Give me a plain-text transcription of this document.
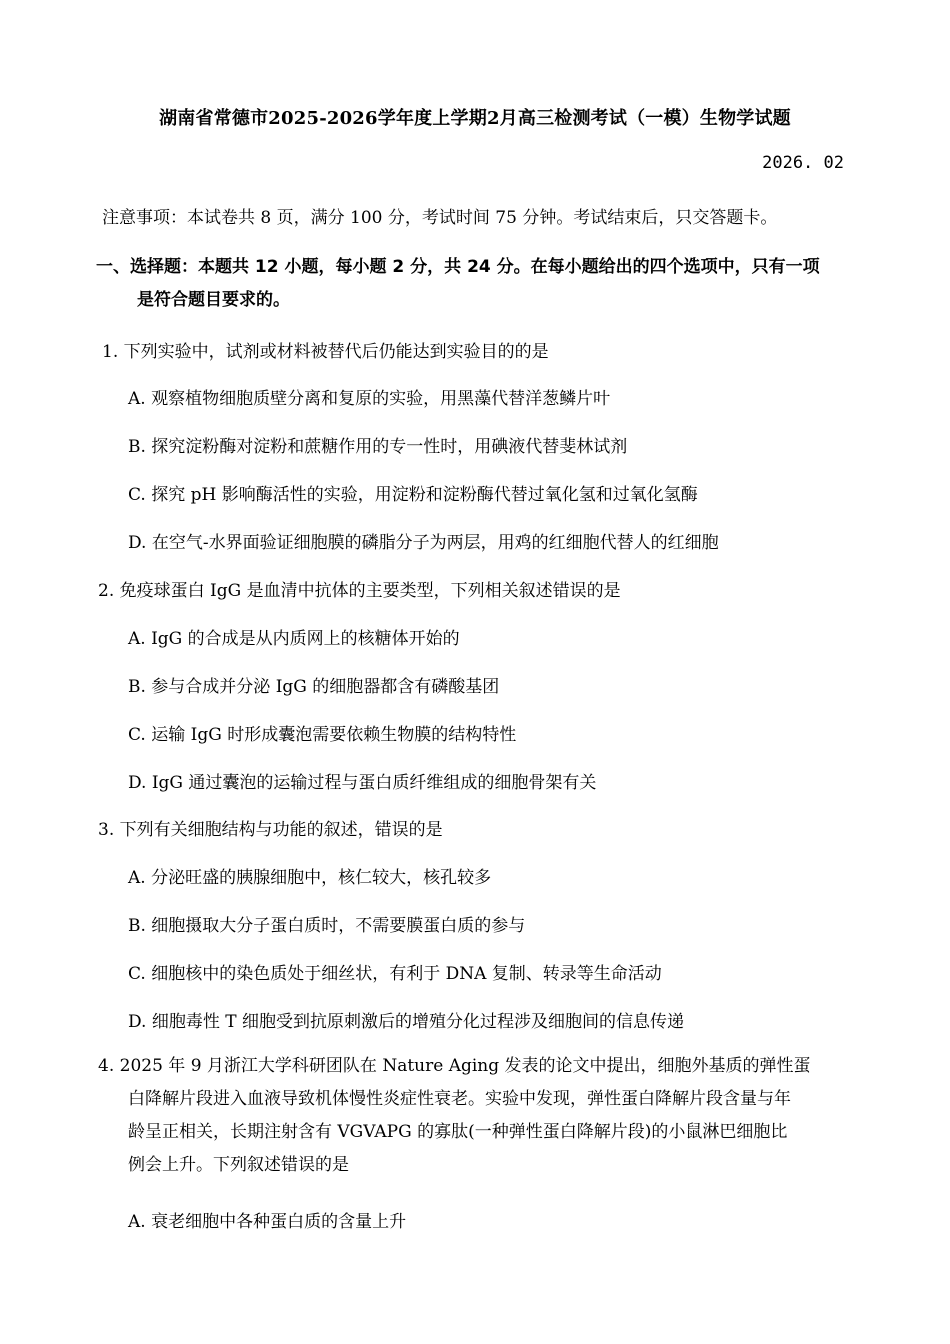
湖南省常德市2025-2026学年度上学期2月高三检测考试（一模）生物学试题
2026. 02
注意事项：本试卷共 8 页，满分 100 分，考试时间 75 分钟。考试结束后，只交答题卡。
一、选择题：本题共 12 小题，每小题 2 分，共 24 分。在每小题给出的四个选项中，只有一项
是符合题目要求的。
1. 下列实验中，试剂或材料被替代后仍能达到实验目的的是
A. 观察植物细胞质壁分离和复原的实验，用黑藻代替洋葱鳞片叶
B. 探究淀粉酶对淀粉和蔗糖作用的专一性时，用碘液代替斐林试剂
C. 探究 pH 影响酶活性的实验，用淀粉和淀粉酶代替过氧化氢和过氧化氢酶
D. 在空气-水界面验证细胞膜的磷脂分子为两层，用鸡的红细胞代替人的红细胞
2. 免疫球蛋白 IgG 是血清中抗体的主要类型，下列相关叙述错误的是
A. IgG 的合成是从内质网上的核糖体开始的
B. 参与合成并分泌 IgG 的细胞器都含有磷酸基团
C. 运输 IgG 时形成囊泡需要依赖生物膜的结构特性
D. IgG 通过囊泡的运输过程与蛋白质纤维组成的细胞骨架有关
3. 下列有关细胞结构与功能的叙述，错误的是
A. 分泌旺盛的胰腺细胞中，核仁较大，核孔较多
B. 细胞摄取大分子蛋白质时，不需要膜蛋白质的参与
C. 细胞核中的染色质处于细丝状，有利于 DNA 复制、转录等生命活动
D. 细胞毒性 T 细胞受到抗原刺激后的增殖分化过程涉及细胞间的信息传递
4. 2025 年 9 月浙江大学科研团队在 Nature Aging 发表的论文中提出，细胞外基质的弹性蛋
白降解片段进入血液导致机体慢性炎症性衰老。实验中发现，弹性蛋白降解片段含量与年
龄呈正相关，长期注射含有 VGVAPG 的寡肽(一种弹性蛋白降解片段)的小鼠淋巴细胞比
例会上升。下列叙述错误的是
A. 衰老细胞中各种蛋白质的含量上升
